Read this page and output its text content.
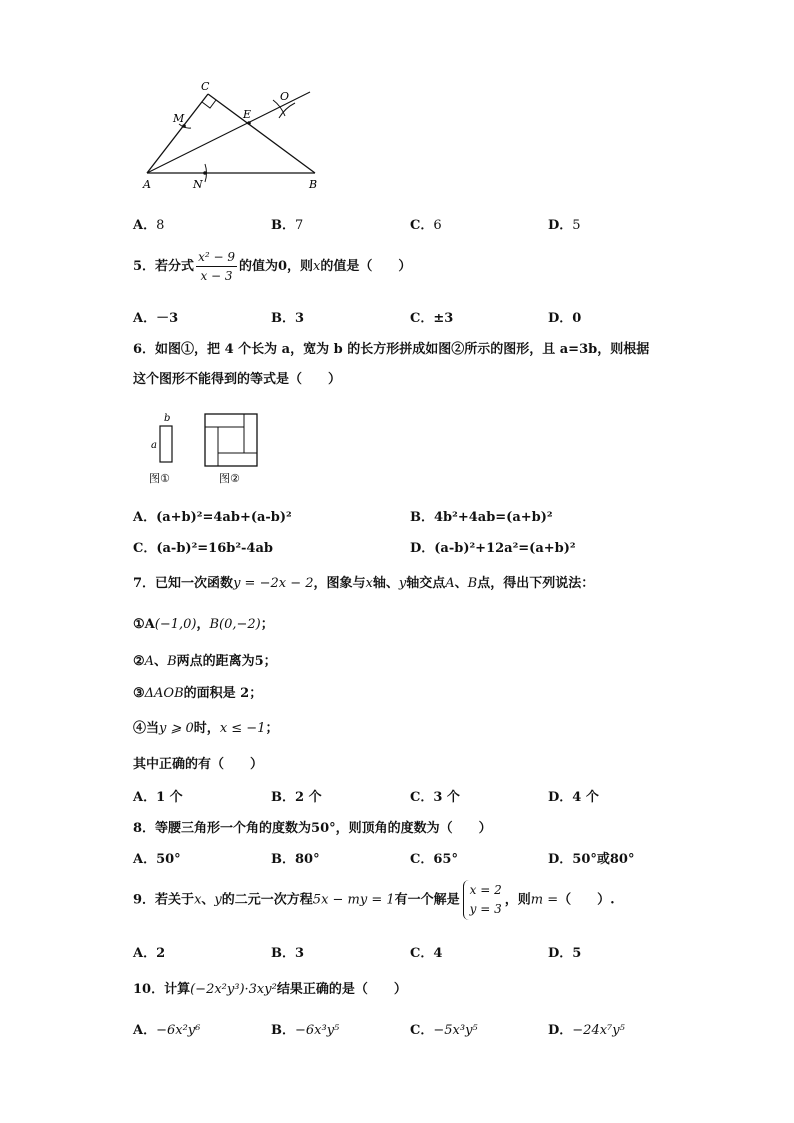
C
O
M	E
A	N	B
A．8	B．7	C．6	D．5
5．若分式 $\frac{\text{x² − 9}}{x - 3}$ 的值为0，则x的值是（　　）
A．－3	B．3	C．±3	D．0
6．如图①，把 4 个长为 a，宽为 b 的长方形拼成如图②所示的图形，且 a=3b，则根据
这个图形不能得到的等式是（　　）
b
a
图①	图②
A．(a+b)²=4ab+(a-b)²	B．4b²+4ab=(a+b)²
C．(a-b)²=16b²-4ab	D．(a-b)²+12a²=(a+b)²
7．已知一次函数y = −2x − 2，图象与x轴、y轴交点A、B点，得出下列说法：
①A(−1,0)，B(0,−2)；
②A、B两点的距离为5；
③ΔAOB的面积是 2；
④当y ⩾ 0时，x ≤ −1；
其中正确的有（　　）
A．1 个	B．2 个	C．3 个	D．4 个
8．等腰三角形一个角的度数为50°，则顶角的度数为（　　）
A．50°	B．80°	C．65°	D．50°或80°
9．若关于x、y的二元一次方程5x − my = 1有一个解是
x = 2
y = 3
，则m =（　　）.
A．2	B．3	C．4	D．5
10．计算(−2x²y³)·3xy²结果正确的是（　　）
A．−6x²y⁶	B．−6x³y⁵	C．−5x³y⁵	D．−24x⁷y⁵
